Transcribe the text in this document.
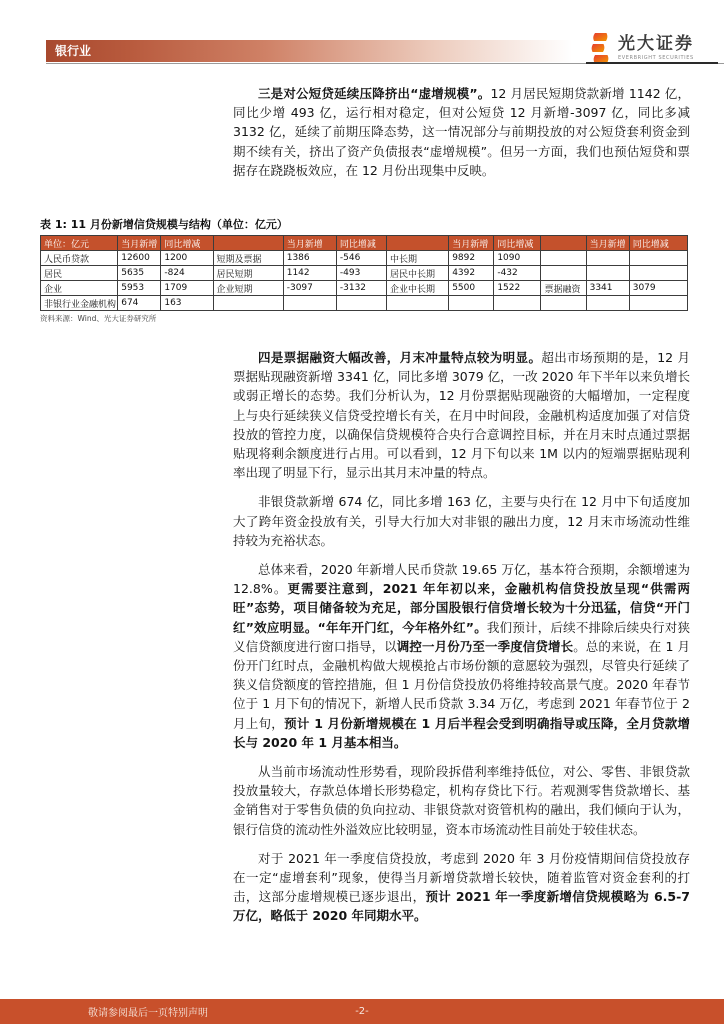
银行业	光大证券
EVERBRIGHT SECURITIES

三是对公短贷延续压降挤出“虚增规模”。12 月居民短期贷款新增 1142 亿，同比少增 493 亿，运行相对稳定，但对公短贷 12 月新增-3097 亿，同比多减 3132 亿，延续了前期压降态势，这一情况部分与前期投放的对公短贷套利资金到期不续有关，挤出了资产负债报表“虚增规模”。但另一方面，我们也预估短贷和票据存在跷跷板效应，在 12 月份出现集中反映。

表 1: 11 月份新增信贷规模与结构（单位：亿元）
单位：亿元	当月新增	同比增减		当月新增	同比增减		当月新增	同比增减		当月新增	同比增减
人民币贷款	12600	1200	短期及票据	1386	-546	中长期	9892	1090			
居民	5635	-824	居民短期	1142	-493	居民中长期	4392	-432			
企业	5953	1709	企业短期	-3097	-3132	企业中长期	5500	1522	票据融资	3341	3079
非银行业金融机构	674	163									
资料来源：Wind、光大证券研究所

四是票据融资大幅改善，月末冲量特点较为明显。超出市场预期的是，12 月票据贴现融资新增 3341 亿，同比多增 3079 亿，一改 2020 年下半年以来负增长或弱正增长的态势。我们分析认为，12 月份票据贴现融资的大幅增加，一定程度上与央行延续狭义信贷受控增长有关，在月中时间段，金融机构适度加强了对信贷投放的管控力度，以确保信贷规模符合央行合意调控目标，并在月末时点通过票据贴现将剩余额度进行占用。可以看到，12 月下旬以来 1M 以内的短端票据贴现利率出现了明显下行，显示出其月末冲量的特点。

非银贷款新增 674 亿，同比多增 163 亿，主要与央行在 12 月中下旬适度加大了跨年资金投放有关，引导大行加大对非银的融出力度，12 月末市场流动性维持较为充裕状态。

总体来看，2020 年新增人民币贷款 19.65 万亿，基本符合预期，余额增速为 12.8%。更需要注意到，2021 年年初以来，金融机构信贷投放呈现“供需两旺”态势，项目储备较为充足，部分国股银行信贷增长较为十分迅猛，信贷“开门红”效应明显。“年年开门红，今年格外红”。我们预计，后续不排除后续央行对狭义信贷额度进行窗口指导，以调控一月份乃至一季度信贷增长。总的来说，在 1 月份开门红时点，金融机构做大规模抢占市场份额的意愿较为强烈，尽管央行延续了狭义信贷额度的管控措施，但 1 月份信贷投放仍将维持较高景气度。2020 年春节位于 1 月下旬的情况下，新增人民币贷款 3.34 万亿，考虑到 2021 年春节位于 2 月上旬，预计 1 月份新增规模在 1 月后半程会受到明确指导或压降，全月贷款增长与 2020 年 1 月基本相当。

从当前市场流动性形势看，现阶段拆借利率维持低位，对公、零售、非银贷款投放量较大，存款总体增长形势稳定，机构存贷比下行。若观测零售贷款增长、基金销售对于零售负债的负向拉动、非银贷款对资管机构的融出，我们倾向于认为，银行信贷的流动性外溢效应比较明显，资本市场流动性目前处于较佳状态。

对于 2021 年一季度信贷投放，考虑到 2020 年 3 月份疫情期间信贷投放存在一定“虚增套利”现象，使得当月新增贷款增长较快，随着监管对资金套利的打击，这部分虚增规模已逐步退出，预计 2021 年一季度新增信贷规模略为 6.5-7 万亿，略低于 2020 年同期水平。

-2-
敬请参阅最后一页特别声明
